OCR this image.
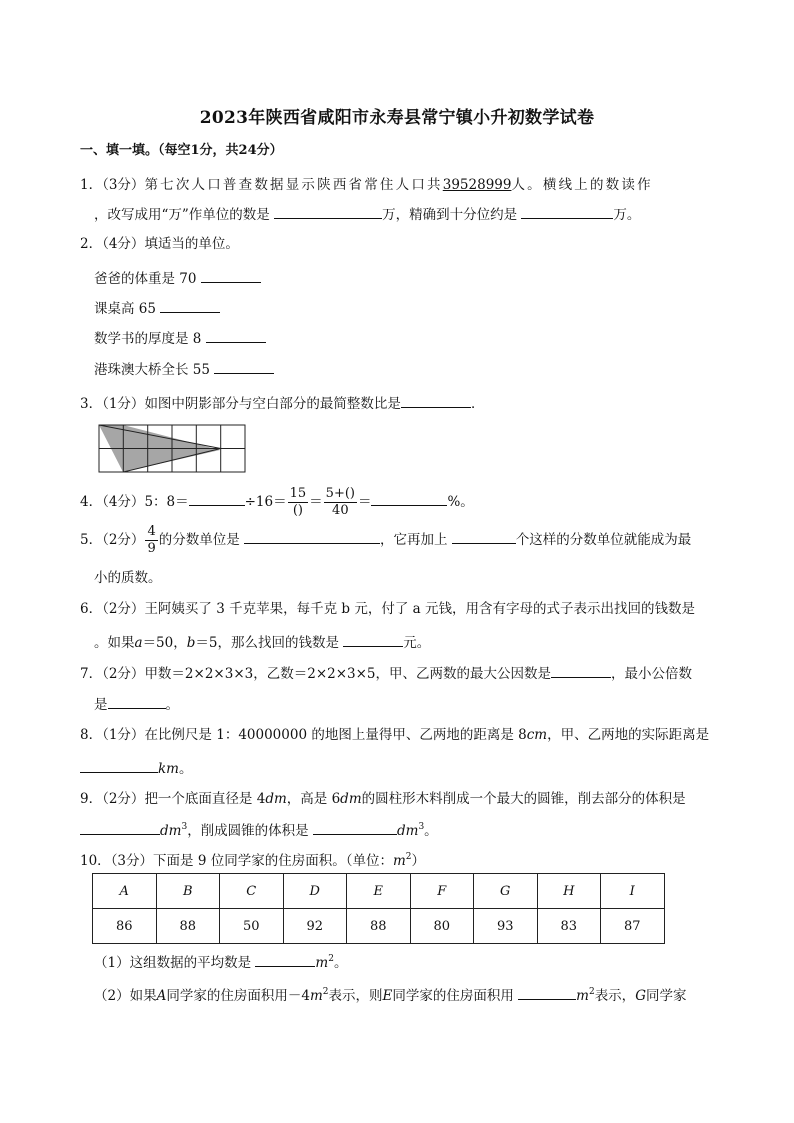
2023年陕西省咸阳市永寿县常宁镇小升初数学试卷
一、填一填。（每空1分，共24分）
1．（3分）第七次人口普查数据显示陕西省常住人口共39528999人。横线上的数读作
，改写成用“万”作单位的数是	万，精确到十分位约是	万。
2．（4分）填适当的单位。
爸爸的体重是 70
课桌高 65
数学书的厚度是 8
港珠澳大桥全长 55
3．（1分）如图中阴影部分与空白部分的最简整数比是	．
4．（4分）5：8＝	$\div 16= \frac{15}{()} = \frac{5+()}{40}$ ＝	%。
5．（2分） $\frac{4}{9}$ 的分数单位是	，它再加上	个这样的分数单位就能成为最
小的质数。
6．（2分）王阿姨买了 3 千克苹果，每千克 b 元，付了 a 元钱，用含有字母的式子表示出找回的钱数是
。如果a＝50，b＝5，那么找回的钱数是	元。
7．（2分）甲数＝2×2×3×3，乙数＝2×2×3×5，甲、乙两数的最大公因数是	，最小公倍数
是	。
8．（1分）在比例尺是 1：40000000 的地图上量得甲、乙两地的距离是 8cm，甲、乙两地的实际距离是
km。
9．（2分）把一个底面直径是 4dm，高是 6dm的圆柱形木料削成一个最大的圆锥，削去部分的体积是
$dm^3$，削成圆锥的体积是	$dm^3$。
10．（3分）下面是 9 位同学家的住房面积。（单位：$m^2$）
A	B	C	D	E	F	G	H	I
86	88	50	92	88	80	93	83	87
（1）这组数据的平均数是	$m^2$。
（2）如果A同学家的住房面积用$-4m^2$表示，则E同学家的住房面积用	$m^2$表示，G同学家
